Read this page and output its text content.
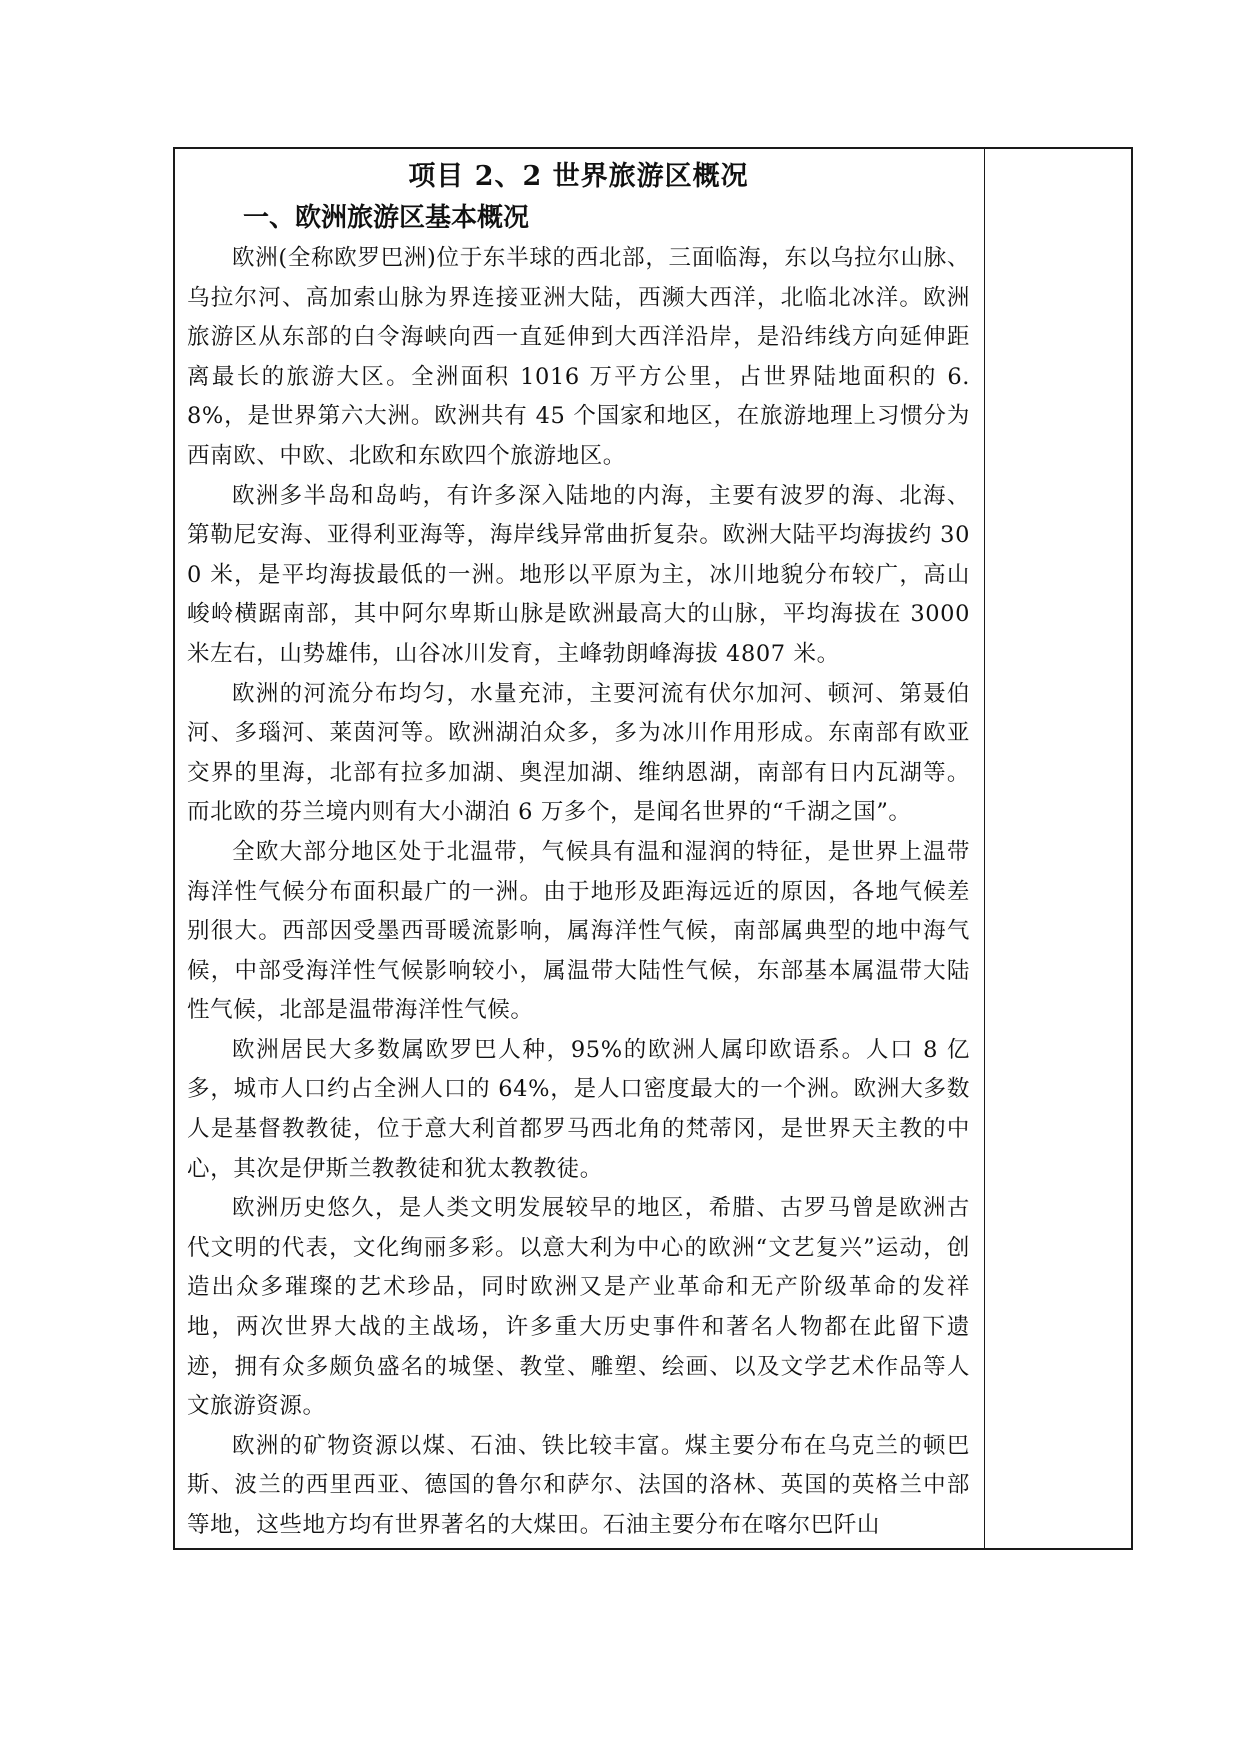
项目 2、2 世界旅游区概况
一、欧洲旅游区基本概况

欧洲(全称欧罗巴洲)位于东半球的西北部，三面临海，东以乌拉尔山脉、乌拉尔河、高加索山脉为界连接亚洲大陆，西濒大西洋，北临北冰洋。欧洲旅游区从东部的白令海峡向西一直延伸到大西洋沿岸，是沿纬线方向延伸距离最长的旅游大区。全洲面积 1016 万平方公里，占世界陆地面积的 6.8%，是世界第六大洲。欧洲共有 45 个国家和地区，在旅游地理上习惯分为西南欧、中欧、北欧和东欧四个旅游地区。

欧洲多半岛和岛屿，有许多深入陆地的内海，主要有波罗的海、北海、第勒尼安海、亚得利亚海等，海岸线异常曲折复杂。欧洲大陆平均海拔约 300 米，是平均海拔最低的一洲。地形以平原为主，冰川地貌分布较广，高山峻岭横踞南部，其中阿尔卑斯山脉是欧洲最高大的山脉，平均海拔在 3000 米左右，山势雄伟，山谷冰川发育，主峰勃朗峰海拔 4807 米。

欧洲的河流分布均匀，水量充沛，主要河流有伏尔加河、顿河、第聂伯河、多瑙河、莱茵河等。欧洲湖泊众多，多为冰川作用形成。东南部有欧亚交界的里海，北部有拉多加湖、奥涅加湖、维纳恩湖，南部有日内瓦湖等。而北欧的芬兰境内则有大小湖泊 6 万多个，是闻名世界的“千湖之国”。

全欧大部分地区处于北温带，气候具有温和湿润的特征，是世界上温带海洋性气候分布面积最广的一洲。由于地形及距海远近的原因，各地气候差别很大。西部因受墨西哥暖流影响，属海洋性气候，南部属典型的地中海气候，中部受海洋性气候影响较小，属温带大陆性气候，东部基本属温带大陆性气候，北部是温带海洋性气候。

欧洲居民大多数属欧罗巴人种，95%的欧洲人属印欧语系。人口 8 亿多，城市人口约占全洲人口的 64%，是人口密度最大的一个洲。欧洲大多数人是基督教教徒，位于意大利首都罗马西北角的梵蒂冈，是世界天主教的中心，其次是伊斯兰教教徒和犹太教教徒。

欧洲历史悠久，是人类文明发展较早的地区，希腊、古罗马曾是欧洲古代文明的代表，文化绚丽多彩。以意大利为中心的欧洲“文艺复兴”运动，创造出众多璀璨的艺术珍品，同时欧洲又是产业革命和无产阶级革命的发祥地，两次世界大战的主战场，许多重大历史事件和著名人物都在此留下遗迹，拥有众多颇负盛名的城堡、教堂、雕塑、绘画、以及文学艺术作品等人文旅游资源。

欧洲的矿物资源以煤、石油、铁比较丰富。煤主要分布在乌克兰的顿巴斯、波兰的西里西亚、德国的鲁尔和萨尔、法国的洛林、英国的英格兰中部等地，这些地方均有世界著名的大煤田。石油主要分布在喀尔巴阡山
